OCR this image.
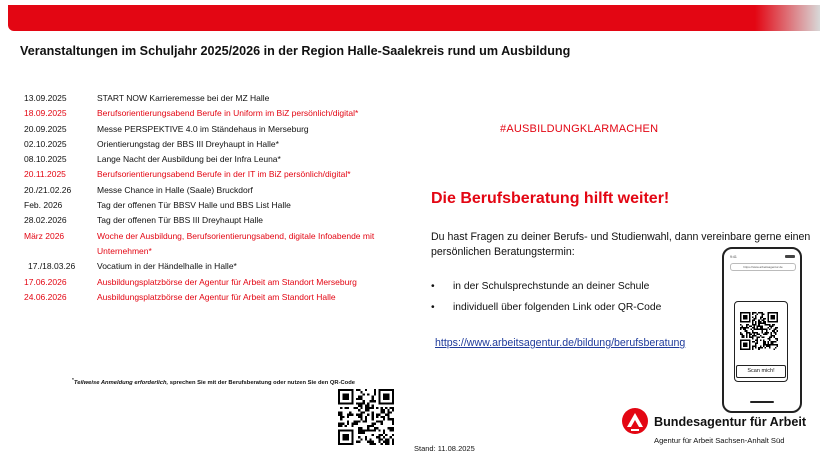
Veranstaltungen im Schuljahr 2025/2026 in der Region Halle-Saalekreis rund um Ausbildung
13.09.2025	START NOW Karrieremesse bei der MZ Halle
18.09.2025	Berufsorientierungsabend Berufe in Uniform im BiZ persönlich/digital*
20.09.2025	Messe PERSPEKTIVE 4.0 im Ständehaus in Merseburg
02.10.2025	Orientierungstag der BBS III Dreyhaupt in Halle*
08.10.2025	Lange Nacht der Ausbildung bei der Infra Leuna*
20.11.2025	Berufsorientierungsabend Berufe in der IT im BiZ persönlich/digital*
20./21.02.26	Messe Chance in Halle (Saale) Bruckdorf
Feb. 2026	Tag der offenen Tür BBSV Halle und BBS List Halle
28.02.2026	Tag der offenen Tür BBS III Dreyhaupt Halle
März 2026	Woche der Ausbildung, Berufsorientierungsabend, digitale Infoabende mit Unternehmen*
17./18.03.26	Vocatium in der Händelhalle in Halle*
17.06.2026	Ausbildungsplatzbörse der Agentur für Arbeit am Standort Merseburg
24.06.2026	Ausbildungsplatzbörse der Agentur für Arbeit am Standort Halle
*Teilweise Anmeldung erforderlich, sprechen Sie mit der Berufsberatung oder nutzen Sie den QR-Code
Stand: 11.08.2025
#AUSBILDUNGKLARMACHEN
Die Berufsberatung hilft weiter!
Du hast Fragen zu deiner Berufs- und Studienwahl, dann vereinbare gerne einen persönlichen Beratungstermin:
•	in der Schulsprechstunde an deiner Schule
•	individuell über folgenden Link oder QR-Code
https://www.arbeitsagentur.de/bildung/berufsberatung
9:41
https://www.arbeitsagentur.de
Scan mich!
Bundesagentur für Arbeit
Agentur für Arbeit Sachsen-Anhalt Süd
